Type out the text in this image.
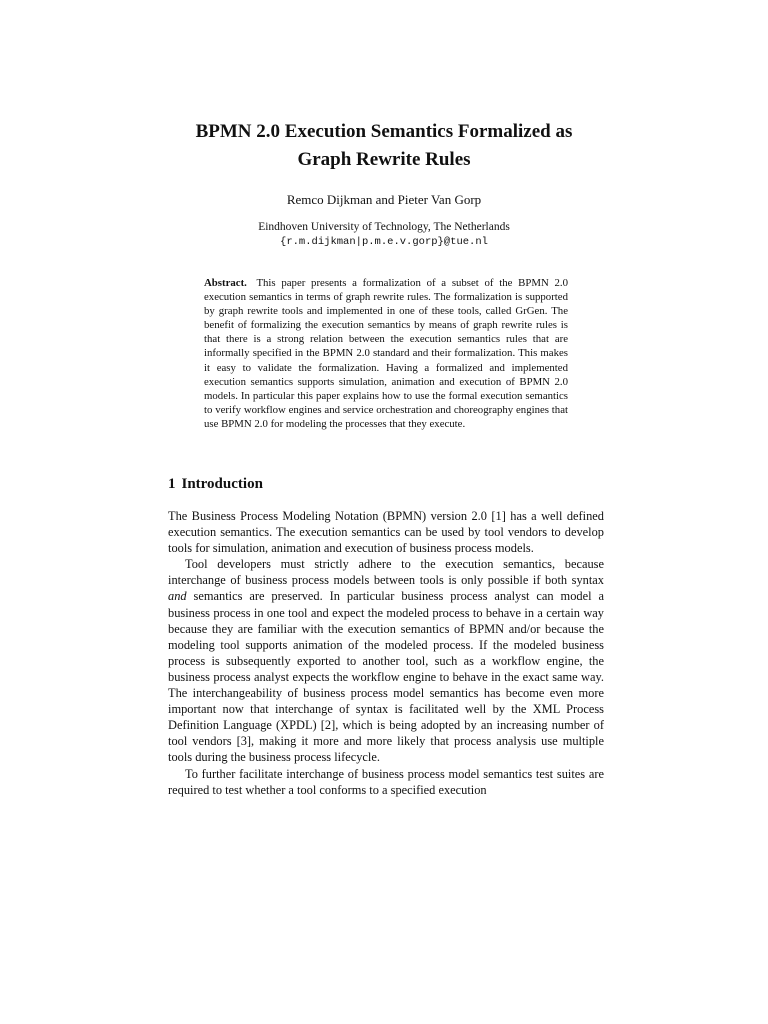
BPMN 2.0 Execution Semantics Formalized as
Graph Rewrite Rules
Remco Dijkman and Pieter Van Gorp
Eindhoven University of Technology, The Netherlands
{r.m.dijkman|p.m.e.v.gorp}@tue.nl
Abstract. This paper presents a formalization of a subset of the BPMN 2.0 execution semantics in terms of graph rewrite rules. The formalization is supported by graph rewrite tools and implemented in one of these tools, called GrGen. The benefit of formalizing the execution semantics by means of graph rewrite rules is that there is a strong relation between the execution semantics rules that are informally specified in the BPMN 2.0 standard and their formalization. This makes it easy to validate the formalization. Having a formalized and implemented execution semantics supports simulation, animation and execution of BPMN 2.0 models. In particular this paper explains how to use the formal execution semantics to verify workflow engines and service orchestration and choreography engines that use BPMN 2.0 for modeling the processes that they execute.
1 Introduction

The Business Process Modeling Notation (BPMN) version 2.0 [1] has a well defined execution semantics. The execution semantics can be used by tool vendors to develop tools for simulation, animation and execution of business process models.

Tool developers must strictly adhere to the execution semantics, because interchange of business process models between tools is only possible if both syntax and semantics are preserved. In particular business process analyst can model a business process in one tool and expect the modeled process to behave in a certain way because they are familiar with the execution semantics of BPMN and/or because the modeling tool supports animation of the modeled process. If the modeled business process is subsequently exported to another tool, such as a workflow engine, the business process analyst expects the workflow engine to behave in the exact same way. The interchangeability of business process model semantics has become even more important now that interchange of syntax is facilitated well by the XML Process Definition Language (XPDL) [2], which is being adopted by an increasing number of tool vendors [3], making it more and more likely that process analysis use multiple tools during the business process lifecycle.

To further facilitate interchange of business process model semantics test suites are required to test whether a tool conforms to a specified execution
